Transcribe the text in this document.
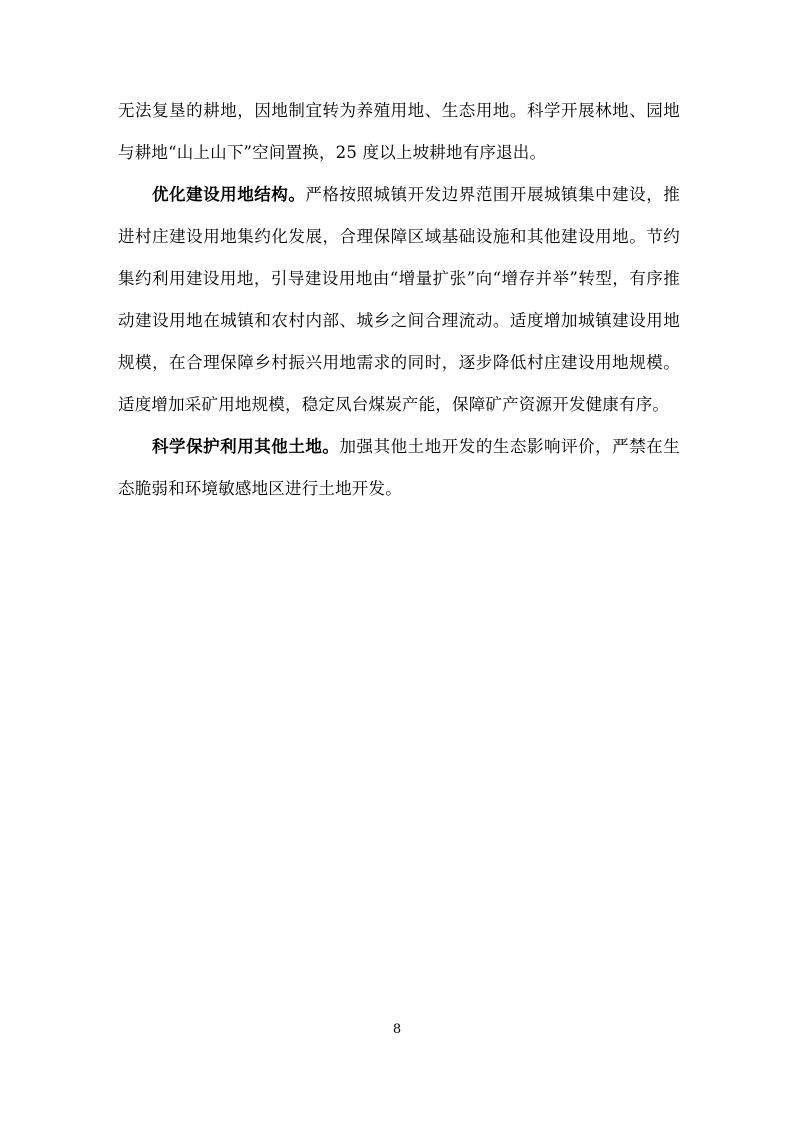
无法复垦的耕地，因地制宜转为养殖用地、生态用地。科学开展林地、园地与耕地“山上山下”空间置换，25 度以上坡耕地有序退出。

优化建设用地结构。严格按照城镇开发边界范围开展城镇集中建设，推进村庄建设用地集约化发展，合理保障区域基础设施和其他建设用地。节约集约利用建设用地，引导建设用地由“增量扩张”向“增存并举”转型，有序推动建设用地在城镇和农村内部、城乡之间合理流动。适度增加城镇建设用地规模，在合理保障乡村振兴用地需求的同时，逐步降低村庄建设用地规模。适度增加采矿用地规模，稳定凤台煤炭产能，保障矿产资源开发健康有序。

科学保护利用其他土地。加强其他土地开发的生态影响评价，严禁在生态脆弱和环境敏感地区进行土地开发。

8
